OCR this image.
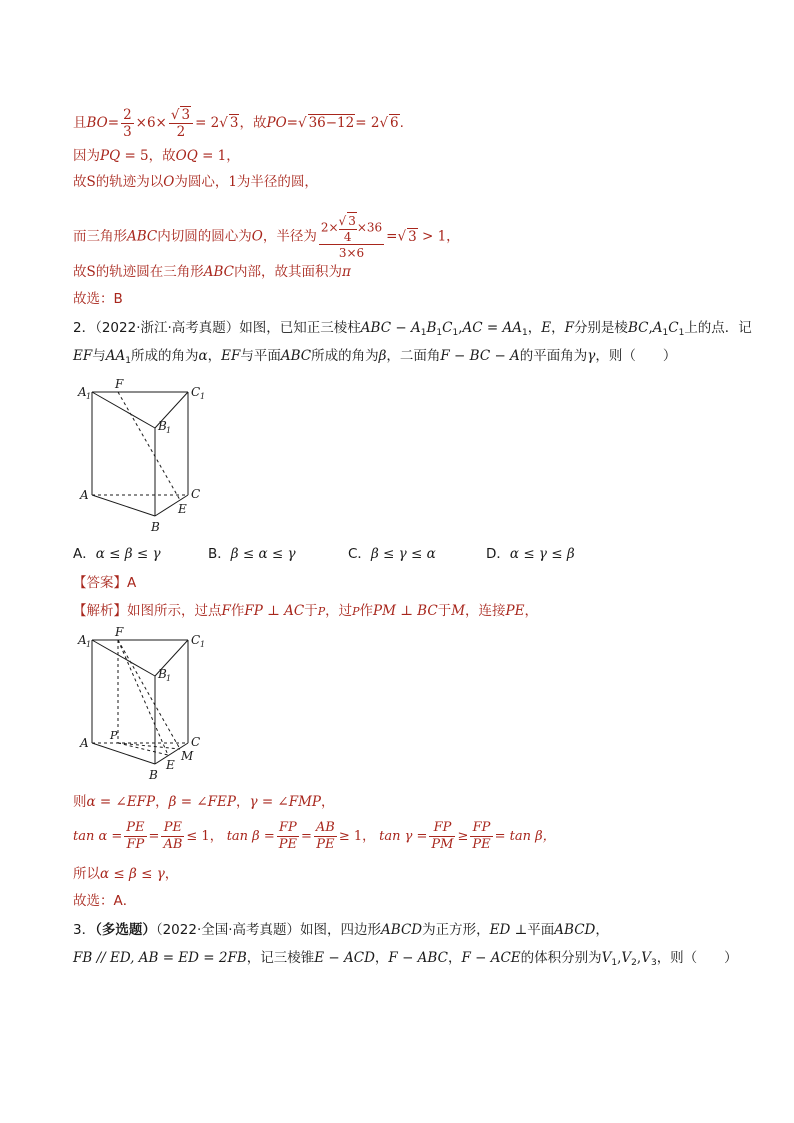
且$BO= \frac{2}{3} \times 6\times \frac{√ 3}{2} = 2√$ 3，故PO=√ 36−12= 2√ 6.
因为PQ = 5，故OQ = 1，
故S的轨迹为以O为圆心，1为半径的圆，
而三角形ABC内切圆的圆心为O，半径为 $\frac{2\times \frac{√ 3}{4} \times 36}{3\times 6}$ =√ 3 > 1，
故S的轨迹圆在三角形ABC内部，故其面积为π
故选：B
2．（2022·浙江·高考真题）如图，已知正三棱柱ABC − $A_1B_1C_1,AC = AA_1$，E，F分别是棱$BC,A_1C_1$上的点．记
EF与$AA_1$所成的角为α，EF与平面ABC所成的角为β，二面角F − BC − A的平面角为γ，则（　　）
A 1
F
C 1
B 1
A	C
E
B
A．α ≤ β ≤ γ	B．β ≤ α ≤ γ	C．β ≤ γ ≤ α	D．α ≤ γ ≤ β
【答案】A
【解析】如图所示，过点F作FP ⊥ AC于P，过P作PM ⊥ BC于M，连接PE，
A 1
F
C 1
B 1
A
P	C
M
E
B
则α = ∠EFP，β = ∠FEP，γ = ∠FMP，
$\tan \alpha = \frac{PE}{FP} = \frac{PE}{AB} \le 1$， $\tan \beta = \frac{FP}{PE} = \frac{AB}{PE} \ge 1$， $\tan \gamma = \frac{FP}{PM} \ge \frac{FP}{PE} = \tan \beta$，
所以α ≤ β ≤ γ，
故选：A．
3．（多选题）（2022·全国·高考真题）如图，四边形ABCD为正方形，ED ⊥平面ABCD，
FB // ED, AB = ED = 2FB，记三棱锥E − ACD，F − ABC，F − ACE的体积分别为$V_1,V_2,V_3$，则（　　）
